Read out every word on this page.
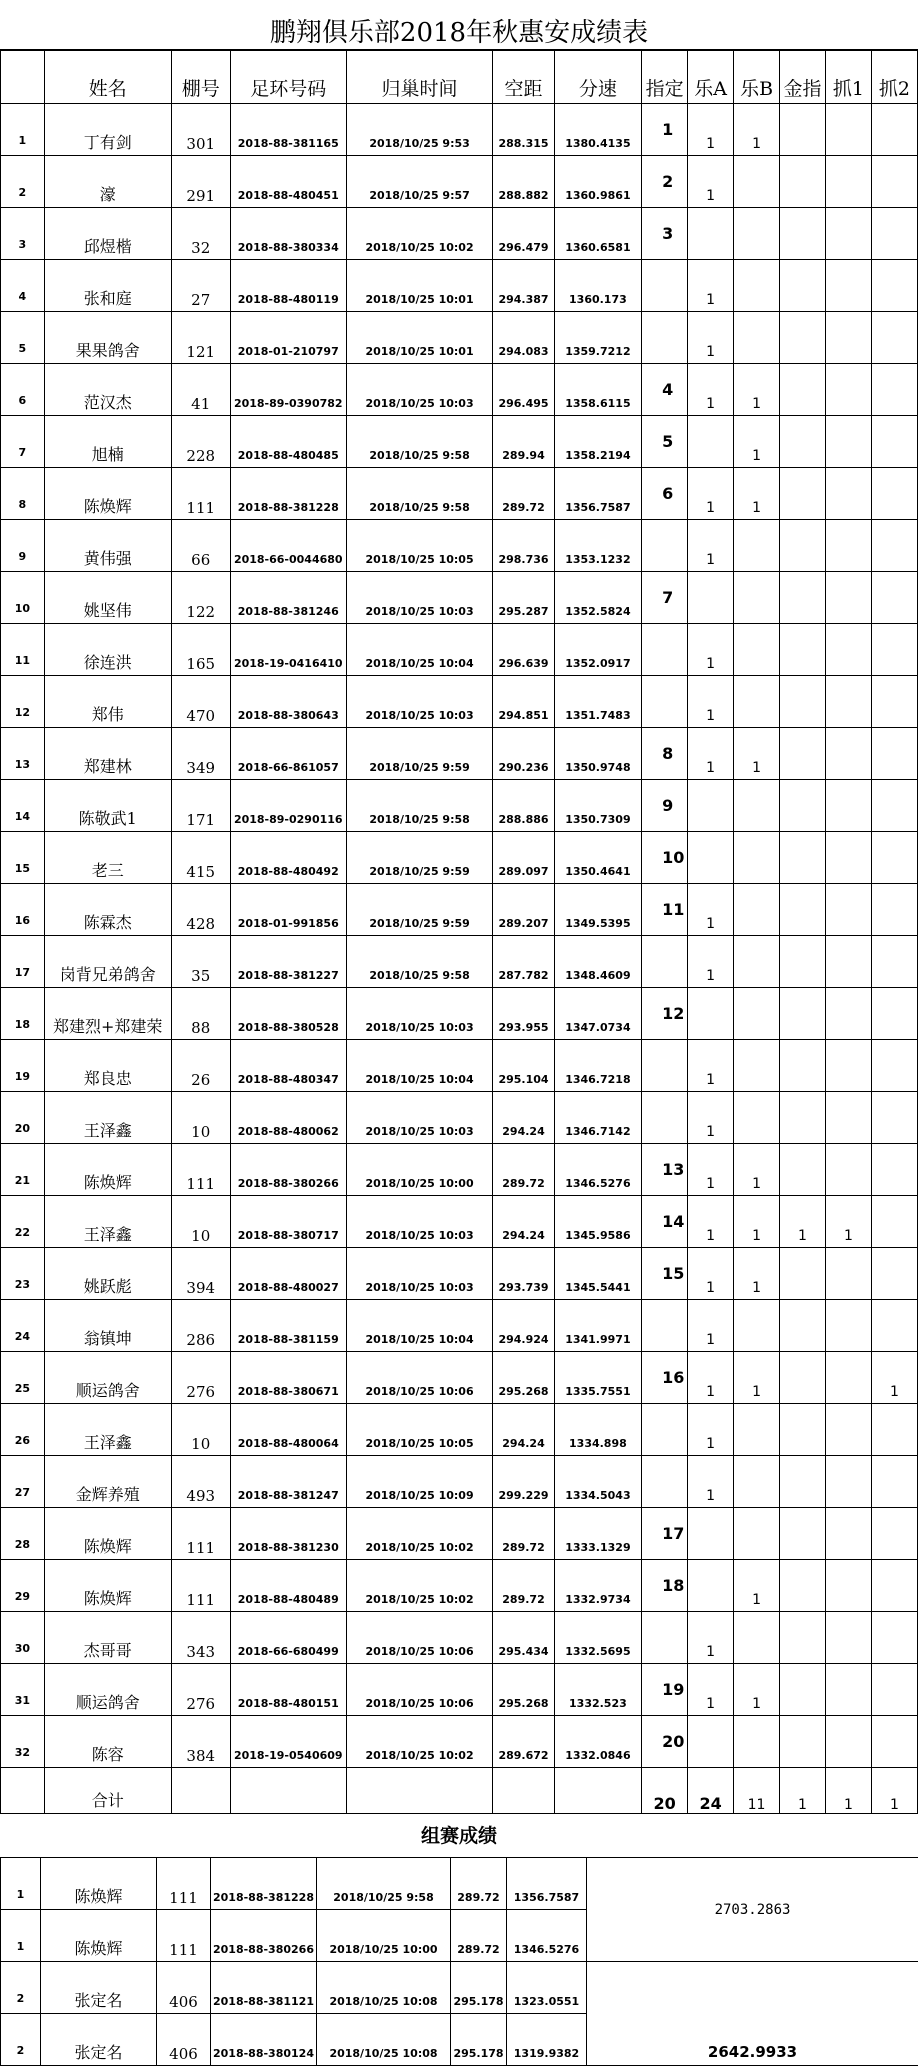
鹏翔俱乐部2018年秋惠安成绩表
	姓名	棚号	足环号码	归巢时间	空距	分速	指定	乐A	乐B	金指	抓1	抓2
1	丁有剑	301	2018-88-381165	2018/10/25 9:53	288.315	1380.4135	1	1	1			
2	濠	291	2018-88-480451	2018/10/25 9:57	288.882	1360.9861	2	1				
3	邱煜楷	32	2018-88-380334	2018/10/25 10:02	296.479	1360.6581	3					
4	张和庭	27	2018-88-480119	2018/10/25 10:01	294.387	1360.173		1				
5	果果鸽舍	121	2018-01-210797	2018/10/25 10:01	294.083	1359.7212		1				
6	范汉杰	41	2018-89-0390782	2018/10/25 10:03	296.495	1358.6115	4	1	1			
7	旭楠	228	2018-88-480485	2018/10/25 9:58	289.94	1358.2194	5		1			
8	陈焕辉	111	2018-88-381228	2018/10/25 9:58	289.72	1356.7587	6	1	1			
9	黄伟强	66	2018-66-0044680	2018/10/25 10:05	298.736	1353.1232		1				
10	姚坚伟	122	2018-88-381246	2018/10/25 10:03	295.287	1352.5824	7					
11	徐连洪	165	2018-19-0416410	2018/10/25 10:04	296.639	1352.0917		1				
12	郑伟	470	2018-88-380643	2018/10/25 10:03	294.851	1351.7483		1				
13	郑建林	349	2018-66-861057	2018/10/25 9:59	290.236	1350.9748	8	1	1			
14	陈敬武1	171	2018-89-0290116	2018/10/25 9:58	288.886	1350.7309	9					
15	老三	415	2018-88-480492	2018/10/25 9:59	289.097	1350.4641	10					
16	陈霖杰	428	2018-01-991856	2018/10/25 9:59	289.207	1349.5395	11	1				
17	岗背兄弟鸽舍	35	2018-88-381227	2018/10/25 9:58	287.782	1348.4609		1				
18	郑建烈+郑建荣	88	2018-88-380528	2018/10/25 10:03	293.955	1347.0734	12					
19	郑良忠	26	2018-88-480347	2018/10/25 10:04	295.104	1346.7218		1				
20	王泽鑫	10	2018-88-480062	2018/10/25 10:03	294.24	1346.7142		1				
21	陈焕辉	111	2018-88-380266	2018/10/25 10:00	289.72	1346.5276	13	1	1			
22	王泽鑫	10	2018-88-380717	2018/10/25 10:03	294.24	1345.9586	14	1	1	1	1	
23	姚跃彪	394	2018-88-480027	2018/10/25 10:03	293.739	1345.5441	15	1	1			
24	翁镇坤	286	2018-88-381159	2018/10/25 10:04	294.924	1341.9971		1				
25	顺运鸽舍	276	2018-88-380671	2018/10/25 10:06	295.268	1335.7551	16	1	1			1
26	王泽鑫	10	2018-88-480064	2018/10/25 10:05	294.24	1334.898		1				
27	金辉养殖	493	2018-88-381247	2018/10/25 10:09	299.229	1334.5043		1				
28	陈焕辉	111	2018-88-381230	2018/10/25 10:02	289.72	1333.1329	17					
29	陈焕辉	111	2018-88-480489	2018/10/25 10:02	289.72	1332.9734	18		1			
30	杰哥哥	343	2018-66-680499	2018/10/25 10:06	295.434	1332.5695		1				
31	顺运鸽舍	276	2018-88-480151	2018/10/25 10:06	295.268	1332.523	19	1	1			
32	陈容	384	2018-19-0540609	2018/10/25 10:02	289.672	1332.0846	20					
	合计						20	24	11	1	1	1
组赛成绩
1	陈焕辉	111	2018-88-381228	2018/10/25 9:58	289.72	1356.7587	2703.2863
1	陈焕辉	111	2018-88-380266	2018/10/25 10:00	289.72	1346.5276	
2	张定名	406	2018-88-381121	2018/10/25 10:08	295.178	1323.0551	2642.9933
2	张定名	406	2018-88-380124	2018/10/25 10:08	295.178	1319.9382	
